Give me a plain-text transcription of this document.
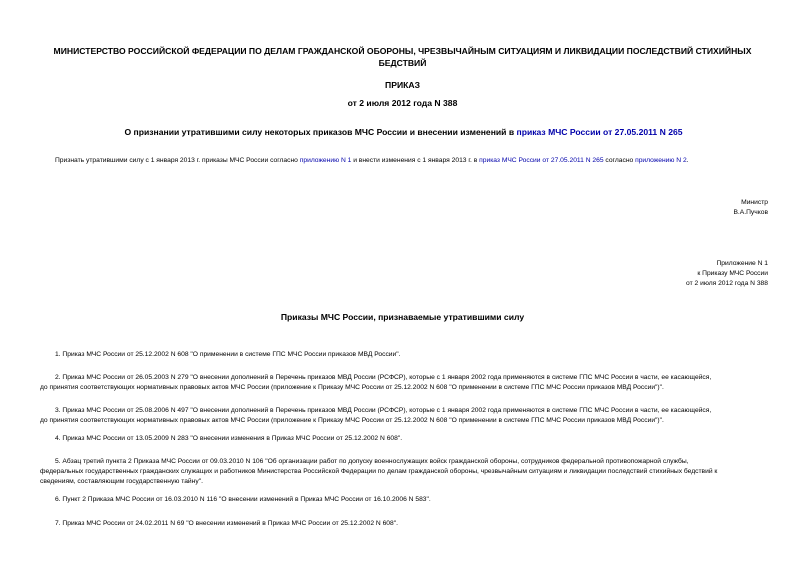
МИНИСТЕРСТВО РОССИЙСКОЙ ФЕДЕРАЦИИ ПО ДЕЛАМ ГРАЖДАНСКОЙ ОБОРОНЫ, ЧРЕЗВЫЧАЙНЫМ СИТУАЦИЯМ И ЛИКВИДАЦИИ ПОСЛЕДСТВИЙ СТИХИЙНЫХ БЕДСТВИЙ
ПРИКАЗ
от 2 июля 2012 года N 388
О признании утратившими силу некоторых приказов МЧС России и внесении изменений в приказ МЧС России от 27.05.2011 N 265
Признать утратившими силу с 1 января 2013 г. приказы МЧС России согласно приложению N 1 и внести изменения с 1 января 2013 г. в приказ МЧС России от 27.05.2011 N 265 согласно приложению N 2.
Министр
В.А.Пучков
Приложение N 1
к Приказу МЧС России
от 2 июля 2012 года N 388
Приказы МЧС России, признаваемые утратившими силу
1. Приказ МЧС России от 25.12.2002 N 608 "О применении в системе ГПС МЧС России приказов МВД России".
2. Приказ МЧС России от 26.05.2003 N 279 "О внесении дополнений в Перечень приказов МВД России (РСФСР), которые с 1 января 2002 года применяются в системе ГПС МЧС России в части, ее касающейся,
до принятия соответствующих нормативных правовых актов МЧС России (приложение к Приказу МЧС России от 25.12.2002 N 608 "О применении в системе ГПС МЧС России приказов МВД России")".
3. Приказ МЧС России от 25.08.2006 N 497 "О внесении дополнений в Перечень приказов МВД России (РСФСР), которые с 1 января 2002 года применяются в системе ГПС МЧС России в части, ее касающейся,
до принятия соответствующих нормативных правовых актов МЧС России (приложение к Приказу МЧС России от 25.12.2002 N 608 "О применении в системе ГПС МЧС России приказов МВД России")".
4. Приказ МЧС России от 13.05.2009 N 283 "О внесении изменения в Приказ МЧС России от 25.12.2002 N 608".
5. Абзац третий пункта 2 Приказа МЧС России от 09.03.2010 N 106 "Об организации работ по допуску военнослужащих войск гражданской обороны, сотрудников федеральной противопожарной службы,
федеральных государственных гражданских служащих и работников Министерства Российской Федерации по делам гражданской обороны, чрезвычайным ситуациям и ликвидации последствий стихийных бедствий к
сведениям, составляющим государственную тайну".
6. Пункт 2 Приказа МЧС России от 16.03.2010 N 116 "О внесении изменений в Приказ МЧС России от 16.10.2006 N 583".
7. Приказ МЧС России от 24.02.2011 N 69 "О внесении изменений в Приказ МЧС России от 25.12.2002 N 608".
